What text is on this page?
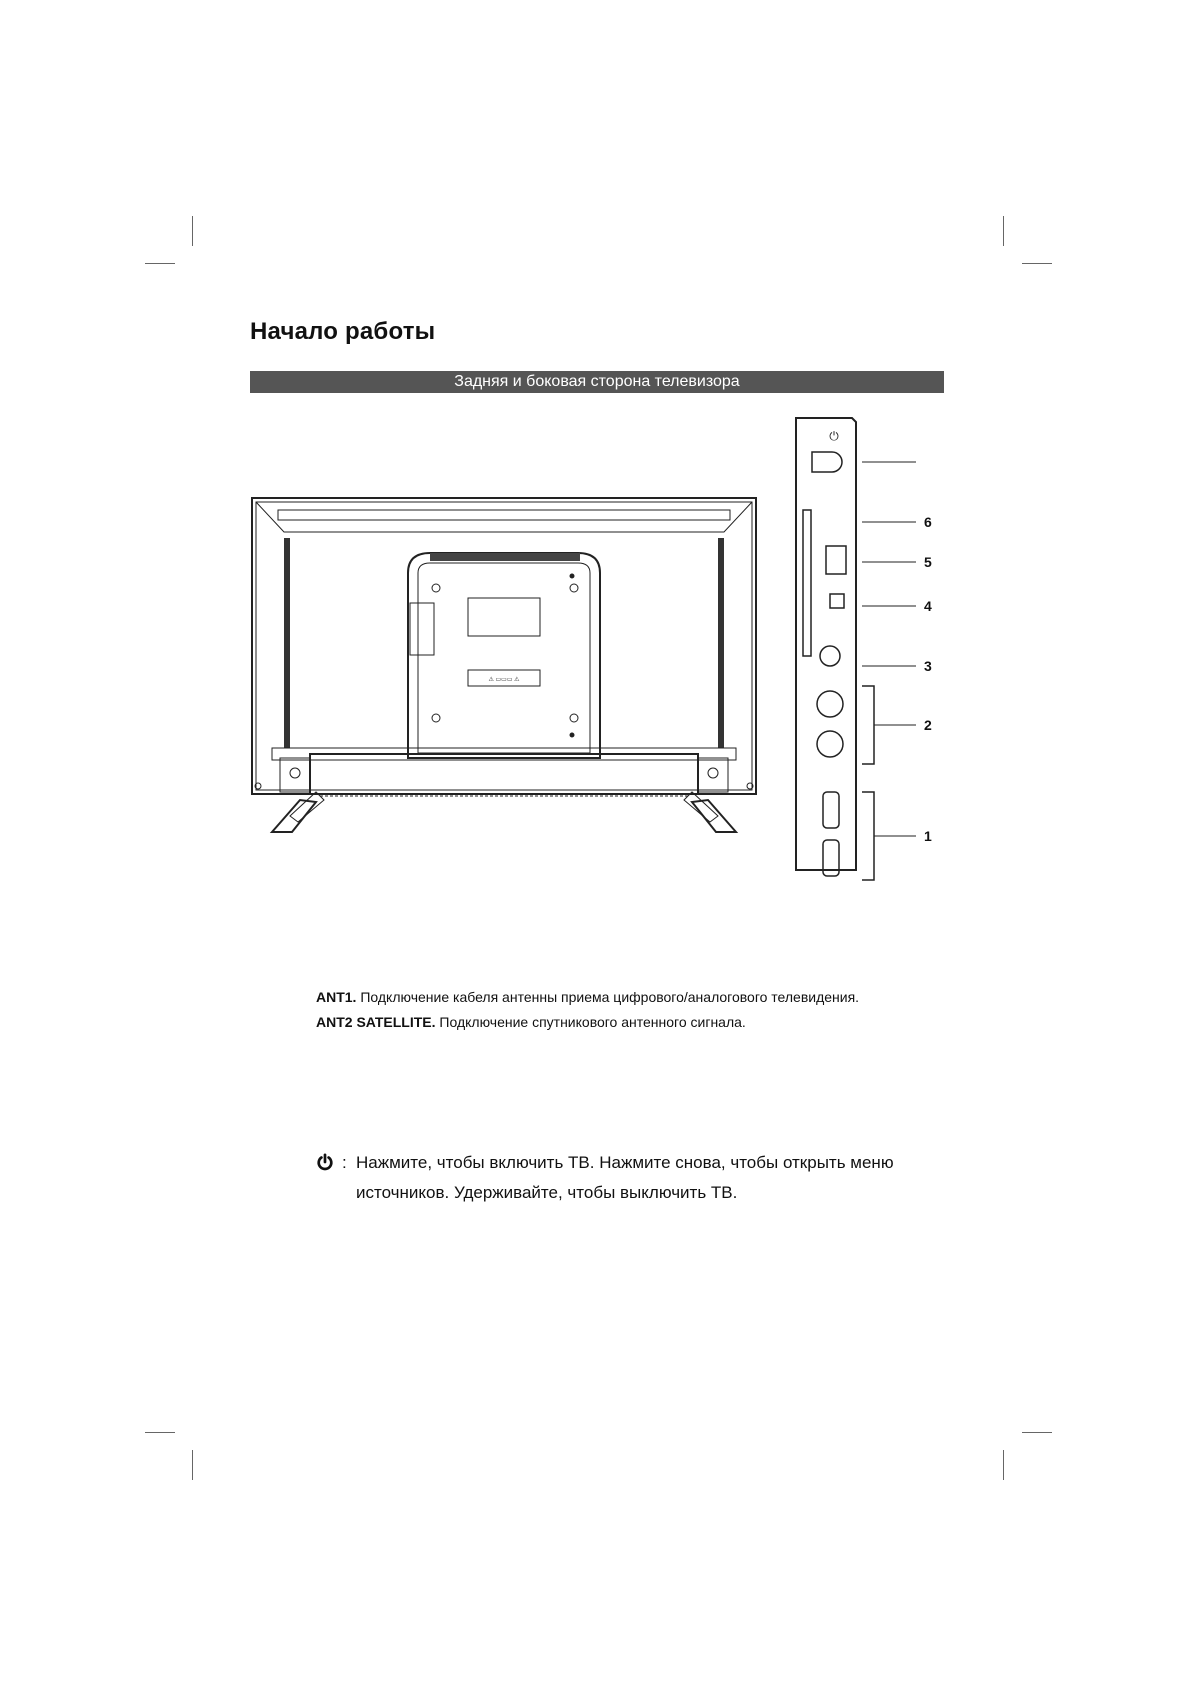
Начало работы
Задняя и боковая сторона телевизора
⚠ ▭▭▭ ⚠
⏻
6
5
4
3
2
1

ANT1. Подключение кабеля антенны приема цифрового/аналогового телевидения.

ANT2 SATELLITE. Подключение спутникового антенного сигнала.

: Нажмите, чтобы включить ТВ. Нажмите снова, чтобы открыть меню источников. Удерживайте, чтобы выключить ТВ.
